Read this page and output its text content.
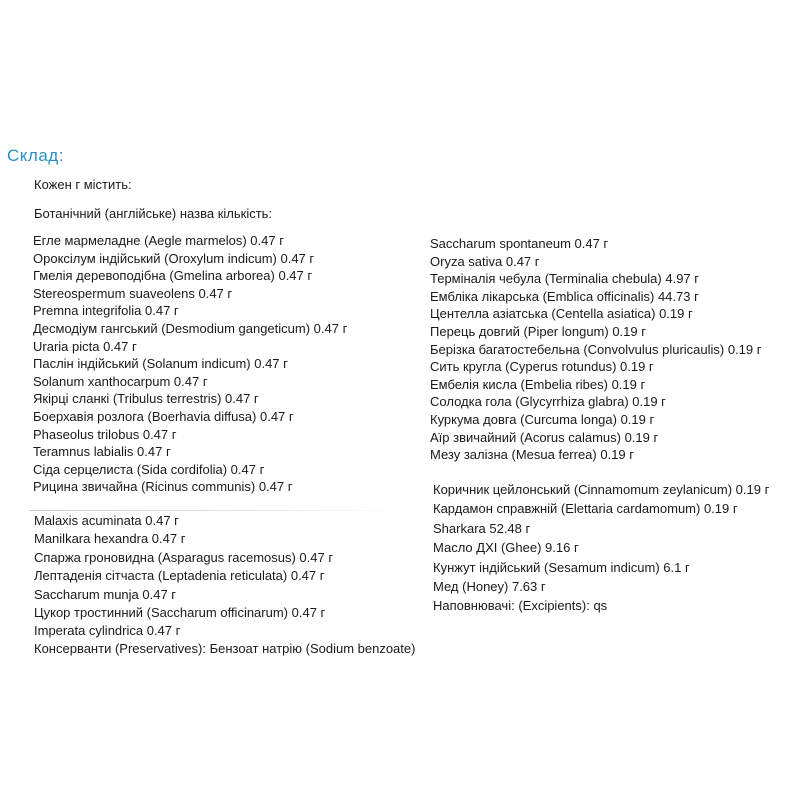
Склад:
Кожен г містить:
Ботанічний (англійське) назва кількість:
Егле мармеладне (Aegle marmelos) 0.47 г
Ороксілум індійський (Oroxylum indicum) 0.47 г
Гмелія деревоподібна (Gmelina arborea) 0.47 г
Stereospermum suaveolens 0.47 г
Premna integrifolia 0.47 г
Десмодіум гангський (Desmodium gangeticum) 0.47 г
Uraria picta 0.47 г
Паслін індійський (Solanum indicum) 0.47 г
Solanum xanthocarpum 0.47 г
Якірці сланкі (Tribulus terrestris) 0.47 г
Боерхавія розлога (Boerhavia diffusa) 0.47 г
Phaseolus trilobus 0.47 г
Teramnus labialis 0.47 г
Сіда серцелиста (Sida cordifolia) 0.47 г
Рицина звичайна (Ricinus communis) 0.47 г
Malaxis acuminata 0.47 г
Manilkara hexandra 0.47 г
Спаржа гроновидна (Asparagus racemosus) 0.47 г
Лептаденія сітчаста (Leptadenia reticulata) 0.47 г
Saccharum munja 0.47 г
Цукор тростинний (Saccharum officinarum) 0.47 г
Imperata cylindrica 0.47 г
Консерванти (Preservatives): Бензоат натрію (Sodium benzoate)
Saccharum spontaneum 0.47 г
Oryza sativa 0.47 г
Терміналія чебула (Terminalia chebula) 4.97 г
Ембліка лікарська (Emblica officinalis) 44.73 г
Центелла азіатська (Centella asiatica) 0.19 г
Перець довгий (Piper longum) 0.19 г
Берізка багатостебельна (Convolvulus pluricaulis) 0.19 г
Сить кругла (Cyperus rotundus) 0.19 г
Ембелія кисла (Embelia ribes) 0.19 г
Солодка гола (Glycyrrhiza glabra) 0.19 г
Куркума довга (Curcuma longa) 0.19 г
Аїр звичайний (Acorus calamus) 0.19 г
Мезу залізна (Mesua ferrea) 0.19 г
Коричник цейлонський (Cinnamomum zeylanicum) 0.19 г
Кардамон справжній (Elettaria cardamomum) 0.19 г
Sharkara 52.48 г
Масло ДХІ (Ghee) 9.16 г
Кунжут індійський (Sesamum indicum) 6.1 г
Мед (Honey) 7.63 г
Наповнювачі: (Excipients): qs
